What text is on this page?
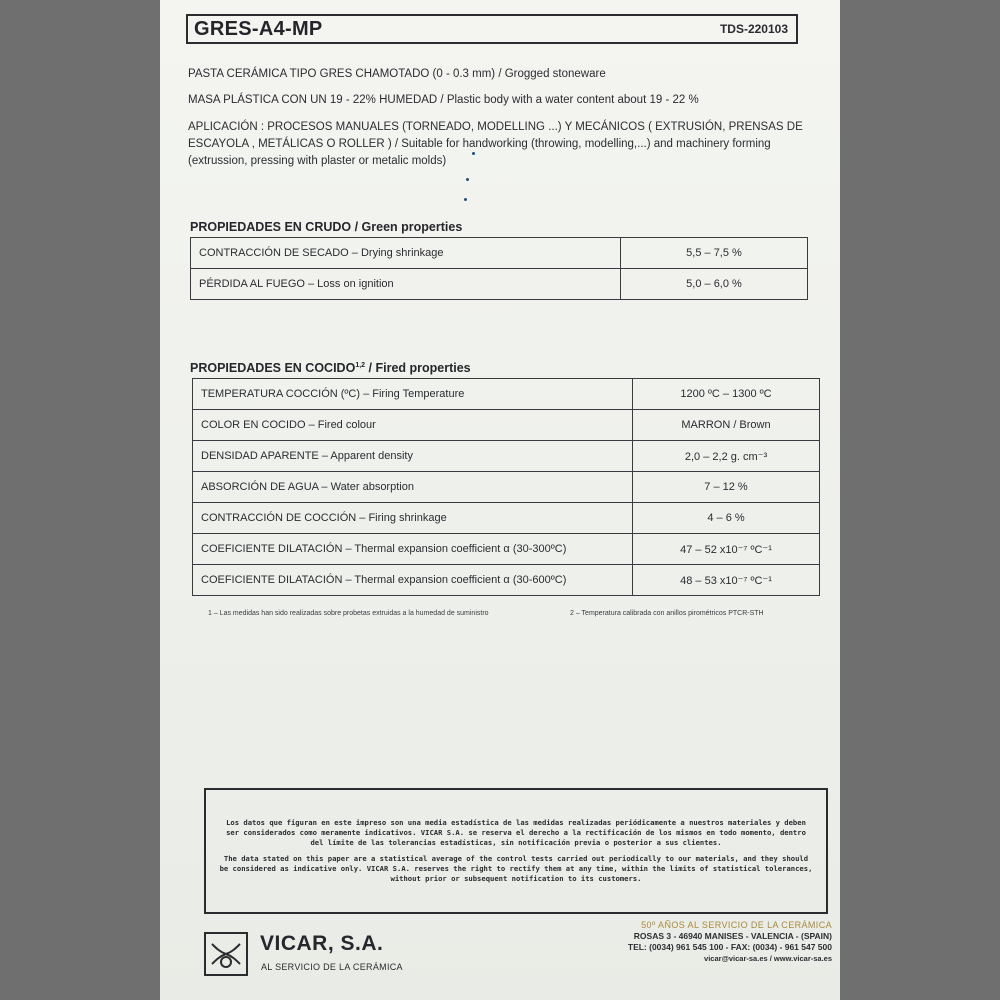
GRES-A4-MP	TDS-220103
PASTA CERÁMICA TIPO GRES CHAMOTADO (0 - 0.3 mm) / Grogged stoneware
MASA PLÁSTICA CON UN 19 - 22% HUMEDAD / Plastic body with a water content about 19 - 22 %
APLICACIÓN : PROCESOS MANUALES (TORNEADO, MODELLING ...) Y MECÁNICOS ( EXTRUSIÓN, PRENSAS DE ESCAYOLA , METÁLICAS O ROLLER ) / Suitable for handworking (throwing, modelling,...) and machinery forming (extrussion, pressing with plaster or metalic molds)
PROPIEDADES EN CRUDO / Green properties
CONTRACCIÓN DE SECADO – Drying shrinkage	5,5 – 7,5 %
PÉRDIDA AL FUEGO – Loss on ignition	5,0 – 6,0 %
PROPIEDADES EN COCIDO$^{1,2}$ / Fired properties
TEMPERATURA COCCIÓN (ºC) – Firing Temperature	1200 ºC – 1300 ºC
COLOR EN COCIDO – Fired colour	MARRON / Brown
DENSIDAD APARENTE – Apparent density	2,0 – 2,2 g. cm⁻³
ABSORCIÓN DE AGUA – Water absorption	7 – 12 %
CONTRACCIÓN DE COCCIÓN – Firing shrinkage	4 – 6 %
COEFICIENTE DILATACIÓN – Thermal expansion coefficient α (30-300ºC)	47 – 52 x10⁻⁷ ºC⁻¹
COEFICIENTE DILATACIÓN – Thermal expansion coefficient α (30-600ºC)	48 – 53 x10⁻⁷ ºC⁻¹
1 – Las medidas han sido realizadas sobre probetas extruidas a la humedad de suministro	2 – Temperatura calibrada con anillos pirométricos PTCR-STH
Los datos que figuran en este impreso son una media estadística de las medidas realizadas periódicamente a nuestros materiales y deben ser considerados como meramente indicativos. VICAR S.A. se reserva el derecho a la rectificación de los mismos en todo momento, dentro del límite de las tolerancias estadísticas, sin notificación previa o posterior a sus clientes.
The data stated on this paper are a statistical average of the control tests carried out periodically to our materials, and they should be considered as indicative only. VICAR S.A. reserves the right to rectify them at any time, within the limits of statistical tolerances, without prior or subsequent notification to its customers.
VICAR, S.A.
AL SERVICIO DE LA CERÁMICA
50º AÑOS AL SERVICIO DE LA CERÁMICA
ROSAS 3 - 46940 MANISES - VALENCIA - (SPAIN)
TEL: (0034) 961 545 100 - FAX: (0034) - 961 547 500
vicar@vicar-sa.es / www.vicar-sa.es
